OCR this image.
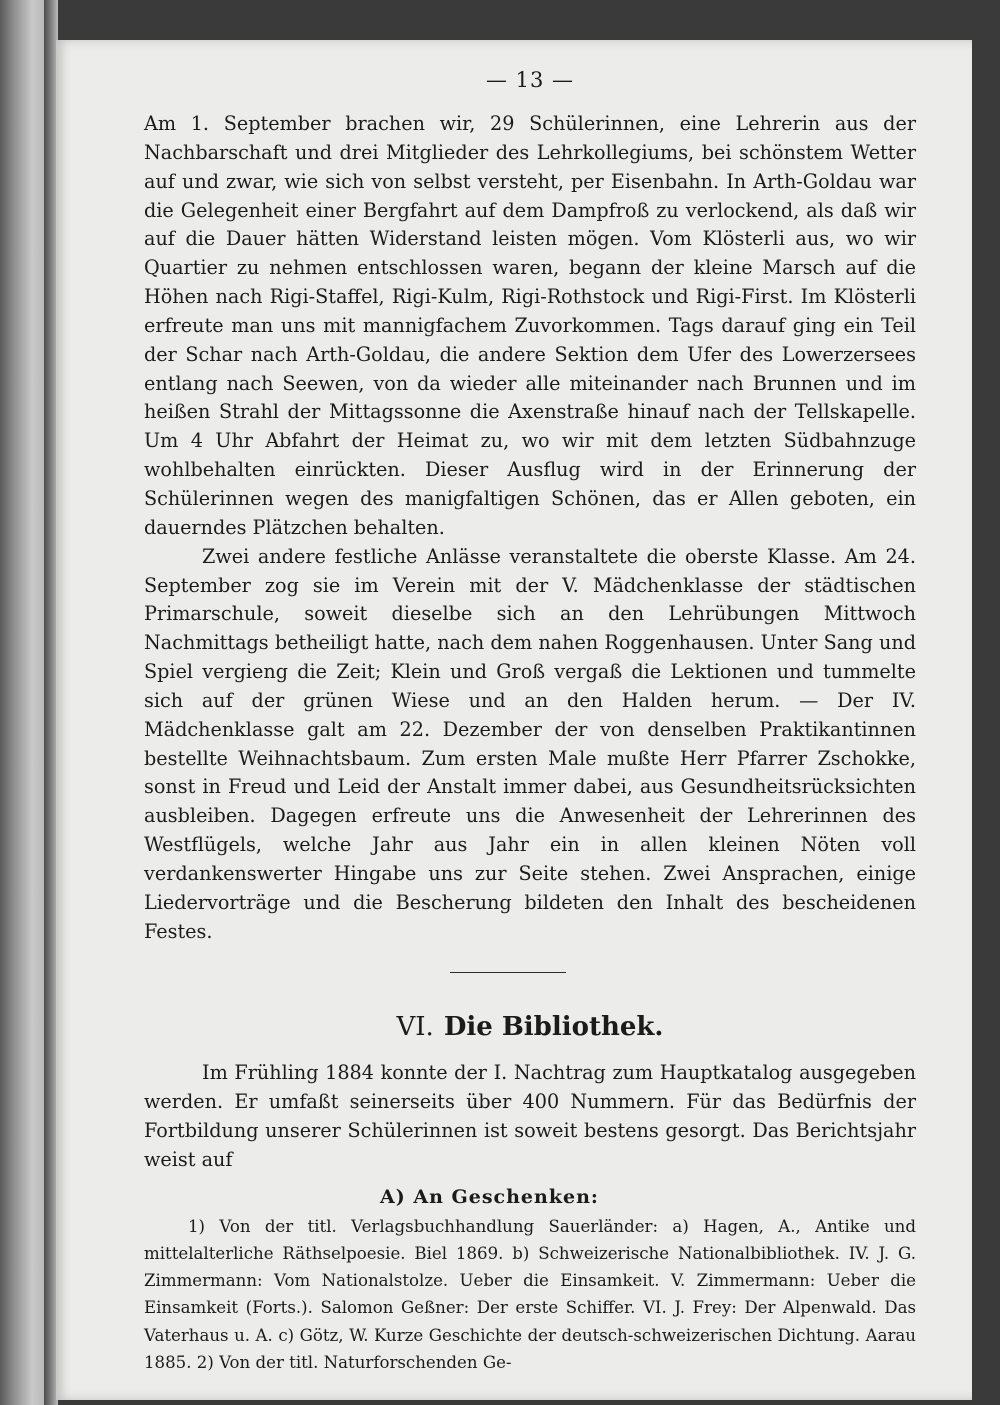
— 13 —

Am 1. September brachen wir, 29 Schülerinnen, eine Lehrerin aus der Nachbarschaft und drei Mitglieder des Lehrkollegiums, bei schönstem Wetter auf und zwar, wie sich von selbst versteht, per Eisenbahn. In Arth-Goldau war die Gelegenheit einer Bergfahrt auf dem Dampfroß zu verlockend, als daß wir auf die Dauer hätten Widerstand leisten mögen. Vom Klösterli aus, wo wir Quartier zu nehmen entschlossen waren, begann der kleine Marsch auf die Höhen nach Rigi-Staffel, Rigi-Kulm, Rigi-Rothstock und Rigi-First. Im Klösterli erfreute man uns mit mannigfachem Zuvorkommen. Tags darauf ging ein Teil der Schar nach Arth-Goldau, die andere Sektion dem Ufer des Lowerzersees entlang nach Seewen, von da wieder alle miteinander nach Brunnen und im heißen Strahl der Mittagssonne die Axenstraße hinauf nach der Tellskapelle. Um 4 Uhr Abfahrt der Heimat zu, wo wir mit dem letzten Südbahnzuge wohlbehalten einrückten. Dieser Ausflug wird in der Erinnerung der Schülerinnen wegen des manigfaltigen Schönen, das er Allen geboten, ein dauerndes Plätzchen behalten.

Zwei andere festliche Anlässe veranstaltete die oberste Klasse. Am 24. September zog sie im Verein mit der V. Mädchenklasse der städtischen Primarschule, soweit dieselbe sich an den Lehrübungen Mittwoch Nachmittags betheiligt hatte, nach dem nahen Roggenhausen. Unter Sang und Spiel vergieng die Zeit; Klein und Groß vergaß die Lektionen und tummelte sich auf der grünen Wiese und an den Halden herum. — Der IV. Mädchenklasse galt am 22. Dezember der von denselben Praktikantinnen bestellte Weihnachtsbaum. Zum ersten Male mußte Herr Pfarrer Zschokke, sonst in Freud und Leid der Anstalt immer dabei, aus Gesundheitsrücksichten ausbleiben. Dagegen erfreute uns die Anwesenheit der Lehrerinnen des Westflügels, welche Jahr aus Jahr ein in allen kleinen Nöten voll verdankenswerter Hingabe uns zur Seite stehen. Zwei Ansprachen, einige Liedervorträge und die Bescherung bildeten den Inhalt des bescheidenen Festes.

VI. Die Bibliothek.

Im Frühling 1884 konnte der I. Nachtrag zum Hauptkatalog ausgegeben werden. Er umfaßt seinerseits über 400 Nummern. Für das Bedürfnis der Fortbildung unserer Schülerinnen ist soweit bestens gesorgt. Das Berichtsjahr weist auf

A) An Geschenken:

1) Von der titl. Verlagsbuchhandlung Sauerländer: a) Hagen, A., Antike und mittelalterliche Räthselpoesie. Biel 1869. b) Schweizerische Nationalbibliothek. IV. J. G. Zimmermann: Vom Nationalstolze. Ueber die Einsamkeit. V. Zimmermann: Ueber die Einsamkeit (Forts.). Salomon Geßner: Der erste Schiffer. VI. J. Frey: Der Alpenwald. Das Vaterhaus u. A. c) Götz, W. Kurze Geschichte der deutsch-schweizerischen Dichtung. Aarau 1885. 2) Von der titl. Naturforschenden Ge-
